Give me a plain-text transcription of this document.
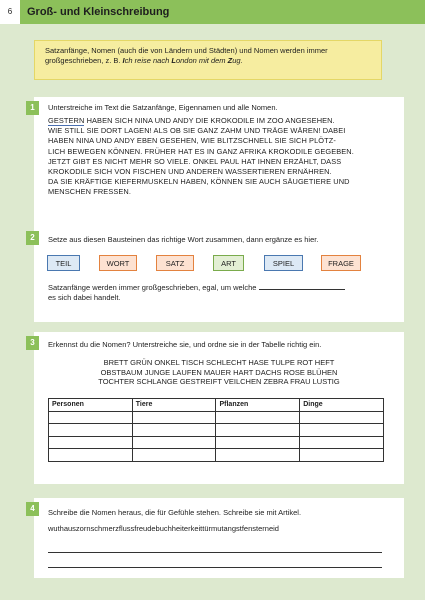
6	Groß- und Kleinschreibung
Satzanfänge, Nomen (auch die von Ländern und Städten) und Nomen werden immer
großgeschrieben, z. B. Ich reise nach London mit dem Zug.
1	Unterstreiche im Text die Satzanfänge, Eigennamen und alle Nomen.
GESTERN HABEN SICH NINA UND ANDY DIE KROKODILE IM ZOO ANGESEHEN.
WIE STILL SIE DORT LAGEN! ALS OB SIE GANZ ZAHM UND TRÄGE WÄREN! DABEI
HABEN NINA UND ANDY EBEN GESEHEN, WIE BLITZSCHNELL SIE SICH PLÖTZ-
LICH BEWEGEN KÖNNEN. FRÜHER HAT ES IN GANZ AFRIKA KROKODILE GEGEBEN.
JETZT GIBT ES NICHT MEHR SO VIELE. ONKEL PAUL HAT IHNEN ERZÄHLT, DASS
KROKODILE SICH VON FISCHEN UND ANDEREN WASSERTIEREN ERNÄHREN.
DA SIE KRÄFTIGE KIEFERMUSKELN HABEN, KÖNNEN SIE AUCH SÄUGETIERE UND
MENSCHEN FRESSEN.
2	Setze aus diesen Bausteinen das richtige Wort zusammen, dann ergänze es hier.
TEIL	WORT	SATZ	ART	SPIEL	FRAGE
Satzanfänge werden immer großgeschrieben, egal, um welche
es sich dabei handelt.
3	Erkennst du die Nomen? Unterstreiche sie, und ordne sie in der Tabelle richtig ein.
BRETT GRÜN ONKEL TISCH SCHLECHT HASE TULPE ROT HEFT
OBSTBAUM JUNGE LAUFEN MAUER HART DACHS ROSE BLÜHEN
TOCHTER SCHLANGE GESTREIFT VEILCHEN ZEBRA FRAU LUSTIG
Personen	Tiere	Pflanzen	Dinge

4	Schreibe die Nomen heraus, die für Gefühle stehen. Schreibe sie mit Artikel.
wuthauszornschmerzflussfreudebuchheiterkeittürmutangstfensterneid
